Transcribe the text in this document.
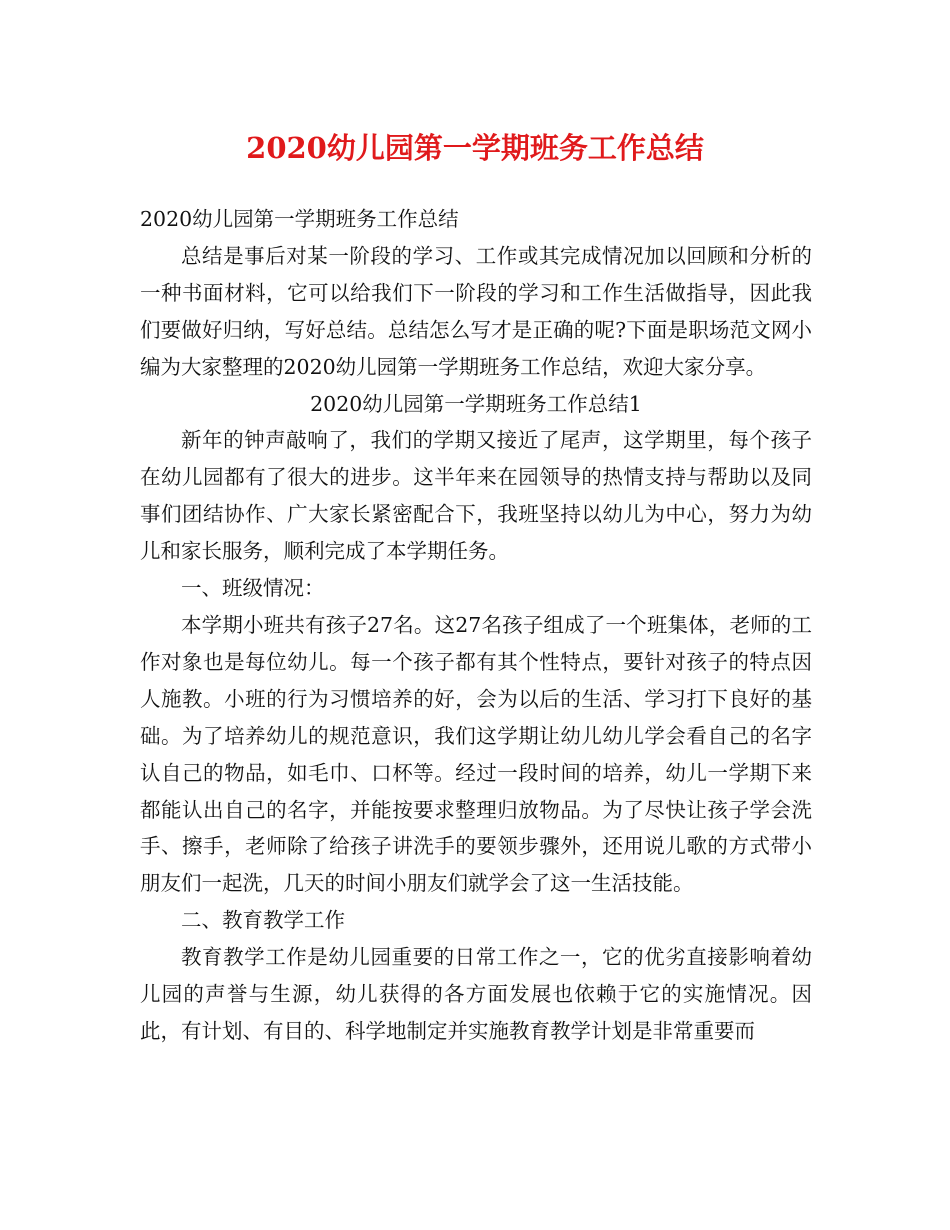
2020幼儿园第一学期班务工作总结

2020幼儿园第一学期班务工作总结

总结是事后对某一阶段的学习、工作或其完成情况加以回顾和分析的一种书面材料，它可以给我们下一阶段的学习和工作生活做指导，因此我们要做好归纳，写好总结。总结怎么写才是正确的呢?下面是职场范文网小编为大家整理的2020幼儿园第一学期班务工作总结，欢迎大家分享。

2020幼儿园第一学期班务工作总结1

新年的钟声敲响了，我们的学期又接近了尾声，这学期里，每个孩子在幼儿园都有了很大的进步。这半年来在园领导的热情支持与帮助以及同事们团结协作、广大家长紧密配合下，我班坚持以幼儿为中心，努力为幼儿和家长服务，顺利完成了本学期任务。

一、班级情况：

本学期小班共有孩子27名。这27名孩子组成了一个班集体，老师的工作对象也是每位幼儿。每一个孩子都有其个性特点，要针对孩子的特点因人施教。小班的行为习惯培养的好，会为以后的生活、学习打下良好的基础。为了培养幼儿的规范意识，我们这学期让幼儿幼儿学会看自己的名字认自己的物品，如毛巾、口杯等。经过一段时间的培养，幼儿一学期下来都能认出自己的名字，并能按要求整理归放物品。为了尽快让孩子学会洗手、擦手，老师除了给孩子讲洗手的要领步骤外，还用说儿歌的方式带小朋友们一起洗，几天的时间小朋友们就学会了这一生活技能。

二、教育教学工作

教育教学工作是幼儿园重要的日常工作之一，它的优劣直接影响着幼儿园的声誉与生源，幼儿获得的各方面发展也依赖于它的实施情况。因此，有计划、有目的、科学地制定并实施教育教学计划是非常重要而
